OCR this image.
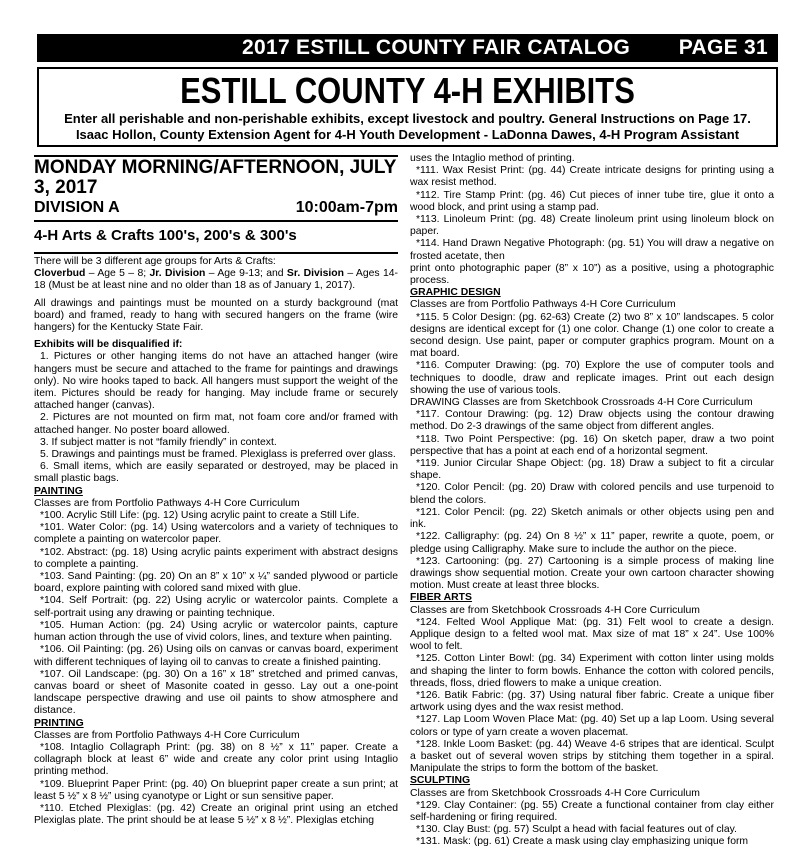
2017 ESTILL COUNTY FAIR CATALOG PAGE 31
ESTILL COUNTY 4-H EXHIBITS
Enter all perishable and non-perishable exhibits, except livestock and poultry. General Instructions on Page 17.
Isaac Hollon, County Extension Agent for 4-H Youth Development - LaDonna Dawes, 4-H Program Assistant
MONDAY MORNING/AFTERNOON, JULY 3, 2017
DIVISION A	10:00am-7pm
4-H Arts & Crafts 100's, 200's & 300's

There will be 3 different age groups for Arts & Crafts:

Cloverbud – Age 5 – 8; Jr. Division – Age 9-13; and Sr. Division – Ages 14-18 (Must be at least nine and no older than 18 as of January 1, 2017).

All drawings and paintings must be mounted on a sturdy background (mat board) and framed, ready to hang with secured hangers on the frame (wire hangers) for the Kentucky State Fair.

Exhibits will be disqualified if:

1. Pictures or other hanging items do not have an attached hanger (wire hangers must be secure and attached to the frame for paintings and drawings only). No wire hooks taped to back. All hangers must support the weight of the item. Pictures should be ready for hanging. May include frame or securely attached hanger (canvas).

2. Pictures are not mounted on firm mat, not foam core and/or framed with attached hanger. No poster board allowed.

3. If subject matter is not “family friendly” in context.

5. Drawings and paintings must be framed. Plexiglass is preferred over glass.

6. Small items, which are easily separated or destroyed, may be placed in small plastic bags.

PAINTING

Classes are from Portfolio Pathways 4-H Core Curriculum

*100. Acrylic Still Life: (pg. 12) Using acrylic paint to create a Still Life.

*101. Water Color: (pg. 14) Using watercolors and a variety of techniques to complete a painting on watercolor paper.

*102. Abstract: (pg. 18) Using acrylic paints experiment with abstract designs to complete a painting.

*103. Sand Painting: (pg. 20) On an 8” x 10” x ¼” sanded plywood or particle board, explore painting with colored sand mixed with glue.

*104. Self Portrait: (pg. 22) Using acrylic or watercolor paints. Complete a self-portrait using any drawing or painting technique.

*105. Human Action: (pg. 24) Using acrylic or watercolor paints, capture human action through the use of vivid colors, lines, and texture when painting.

*106. Oil Painting: (pg. 26) Using oils on canvas or canvas board, experiment with different techniques of laying oil to canvas to create a finished painting.

*107. Oil Landscape: (pg. 30) On a 16” x 18” stretched and primed canvas, canvas board or sheet of Masonite coated in gesso. Lay out a one-point landscape perspective drawing and use oil paints to show atmosphere and distance.

PRINTING

Classes are from Portfolio Pathways 4-H Core Curriculum

*108. Intaglio Collagraph Print: (pg. 38) on 8 ½” x 11” paper. Create a collagraph block at least 6” wide and create any color print using Intaglio printing method.

*109. Blueprint Paper Print: (pg. 40) On blueprint paper create a sun print; at least 5 ½” x 8 ½” using cyanotype or Light or sun sensitive paper.

*110. Etched Plexiglas: (pg. 42) Create an original print using an etched Plexiglas plate. The print should be at lease 5 ½” x 8 ½”. Plexiglas etching

uses the Intaglio method of printing.

*111. Wax Resist Print: (pg. 44) Create intricate designs for printing using a wax resist method.

*112. Tire Stamp Print: (pg. 46) Cut pieces of inner tube tire, glue it onto a wood block, and print using a stamp pad.

*113. Linoleum Print: (pg. 48) Create linoleum print using linoleum block on paper.

*114. Hand Drawn Negative Photograph: (pg. 51) You will draw a negative on frosted acetate, then

print onto photographic paper (8” x 10”) as a positive, using a photographic process.

GRAPHIC DESIGN

Classes are from Portfolio Pathways 4-H Core Curriculum

*115. 5 Color Design: (pg. 62-63) Create (2) two 8” x 10” landscapes. 5 color designs are identical except for (1) one color. Change (1) one color to create a second design. Use paint, paper or computer graphics program. Mount on a mat board.

*116. Computer Drawing: (pg. 70) Explore the use of computer tools and techniques to doodle, draw and replicate images. Print out each design showing the use of various tools.

DRAWING Classes are from Sketchbook Crossroads 4-H Core Curriculum

*117. Contour Drawing: (pg. 12) Draw objects using the contour drawing method. Do 2-3 drawings of the same object from different angles.

*118. Two Point Perspective: (pg. 16) On sketch paper, draw a two point perspective that has a point at each end of a horizontal segment.

*119. Junior Circular Shape Object: (pg. 18) Draw a subject to fit a circular shape.

*120. Color Pencil: (pg. 20) Draw with colored pencils and use turpenoid to blend the colors.

*121. Color Pencil: (pg. 22) Sketch animals or other objects using pen and ink.

*122. Calligraphy: (pg. 24) On 8 ½” x 11” paper, rewrite a quote, poem, or pledge using Calligraphy. Make sure to include the author on the piece.

*123. Cartooning: (pg. 27) Cartooning is a simple process of making line drawings show sequential motion. Create your own cartoon character showing motion. Must create at least three blocks.

FIBER ARTS

Classes are from Sketchbook Crossroads 4-H Core Curriculum

*124. Felted Wool Applique Mat: (pg. 31) Felt wool to create a design. Applique design to a felted wool mat. Max size of mat 18” x 24”. Use 100% wool to felt.

*125. Cotton Linter Bowl: (pg. 34) Experiment with cotton linter using molds and shaping the linter to form bowls. Enhance the cotton with colored pencils, threads, floss, dried flowers to make a unique creation.

*126. Batik Fabric: (pg. 37) Using natural fiber fabric. Create a unique fiber artwork using dyes and the wax resist method.

*127. Lap Loom Woven Place Mat: (pg. 40) Set up a lap Loom. Using several colors or type of yarn create a woven placemat.

*128. Inkle Loom Basket: (pg. 44) Weave 4-6 stripes that are identical. Sculpt a basket out of several woven strips by stitching them together in a spiral. Manipulate the strips to form the bottom of the basket.

SCULPTING

Classes are from Sketchbook Crossroads 4-H Core Curriculum

*129. Clay Container: (pg. 55) Create a functional container from clay either self-hardening or firing required.

*130. Clay Bust: (pg. 57) Sculpt a head with facial features out of clay.

*131. Mask: (pg. 61) Create a mask using clay emphasizing unique form
